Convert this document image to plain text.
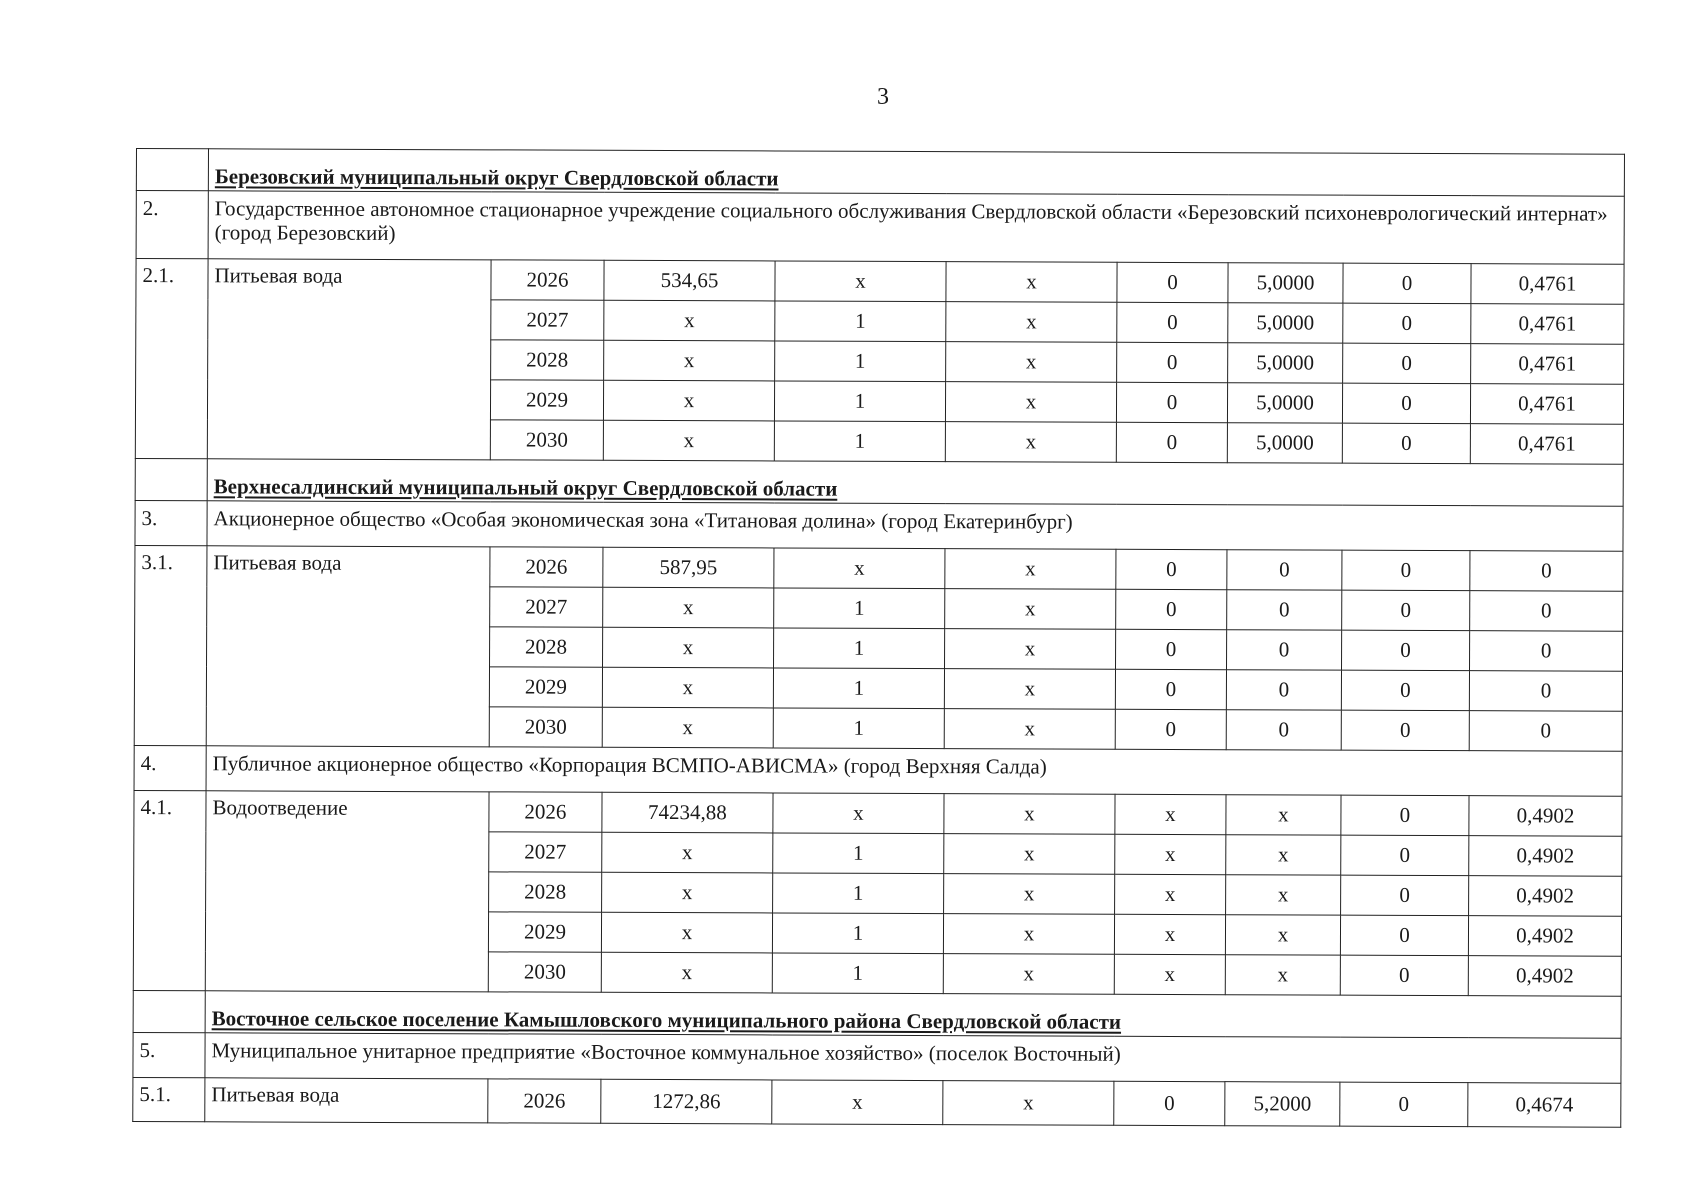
3
	Березовский муниципальный округ Свердловской области								
2.	Государственное автономное стационарное учреждение социального обслуживания Свердловской области «Березовский психоневрологический интернат» (город Березовский)								
2.1.	Питьевая вода	2026	534,65	х	х	0	5,0000	0	0,4761
		2027	х	1	х	0	5,0000	0	0,4761
		2028	х	1	х	0	5,0000	0	0,4761
		2029	х	1	х	0	5,0000	0	0,4761
		2030	х	1	х	0	5,0000	0	0,4761
	Верхнесалдинский муниципальный округ Свердловской области								
3.	Акционерное общество «Особая экономическая зона «Титановая долина» (город Екатеринбург)								
3.1.	Питьевая вода	2026	587,95	х	х	0	0	0	0
		2027	х	1	х	0	0	0	0
		2028	х	1	х	0	0	0	0
		2029	х	1	х	0	0	0	0
		2030	х	1	х	0	0	0	0
4.	Публичное акционерное общество «Корпорация ВСМПО-АВИСМА» (город Верхняя Салда)								
4.1.	Водоотведение	2026	74234,88	х	х	х	х	0	0,4902
		2027	х	1	х	х	х	0	0,4902
		2028	х	1	х	х	х	0	0,4902
		2029	х	1	х	х	х	0	0,4902
		2030	х	1	х	х	х	0	0,4902
	Восточное сельское поселение Камышловского муниципального района Свердловской области								
5.	Муниципальное унитарное предприятие «Восточное коммунальное хозяйство» (поселок Восточный)								
5.1.	Питьевая вода	2026	1272,86	х	х	0	5,2000	0	0,4674
